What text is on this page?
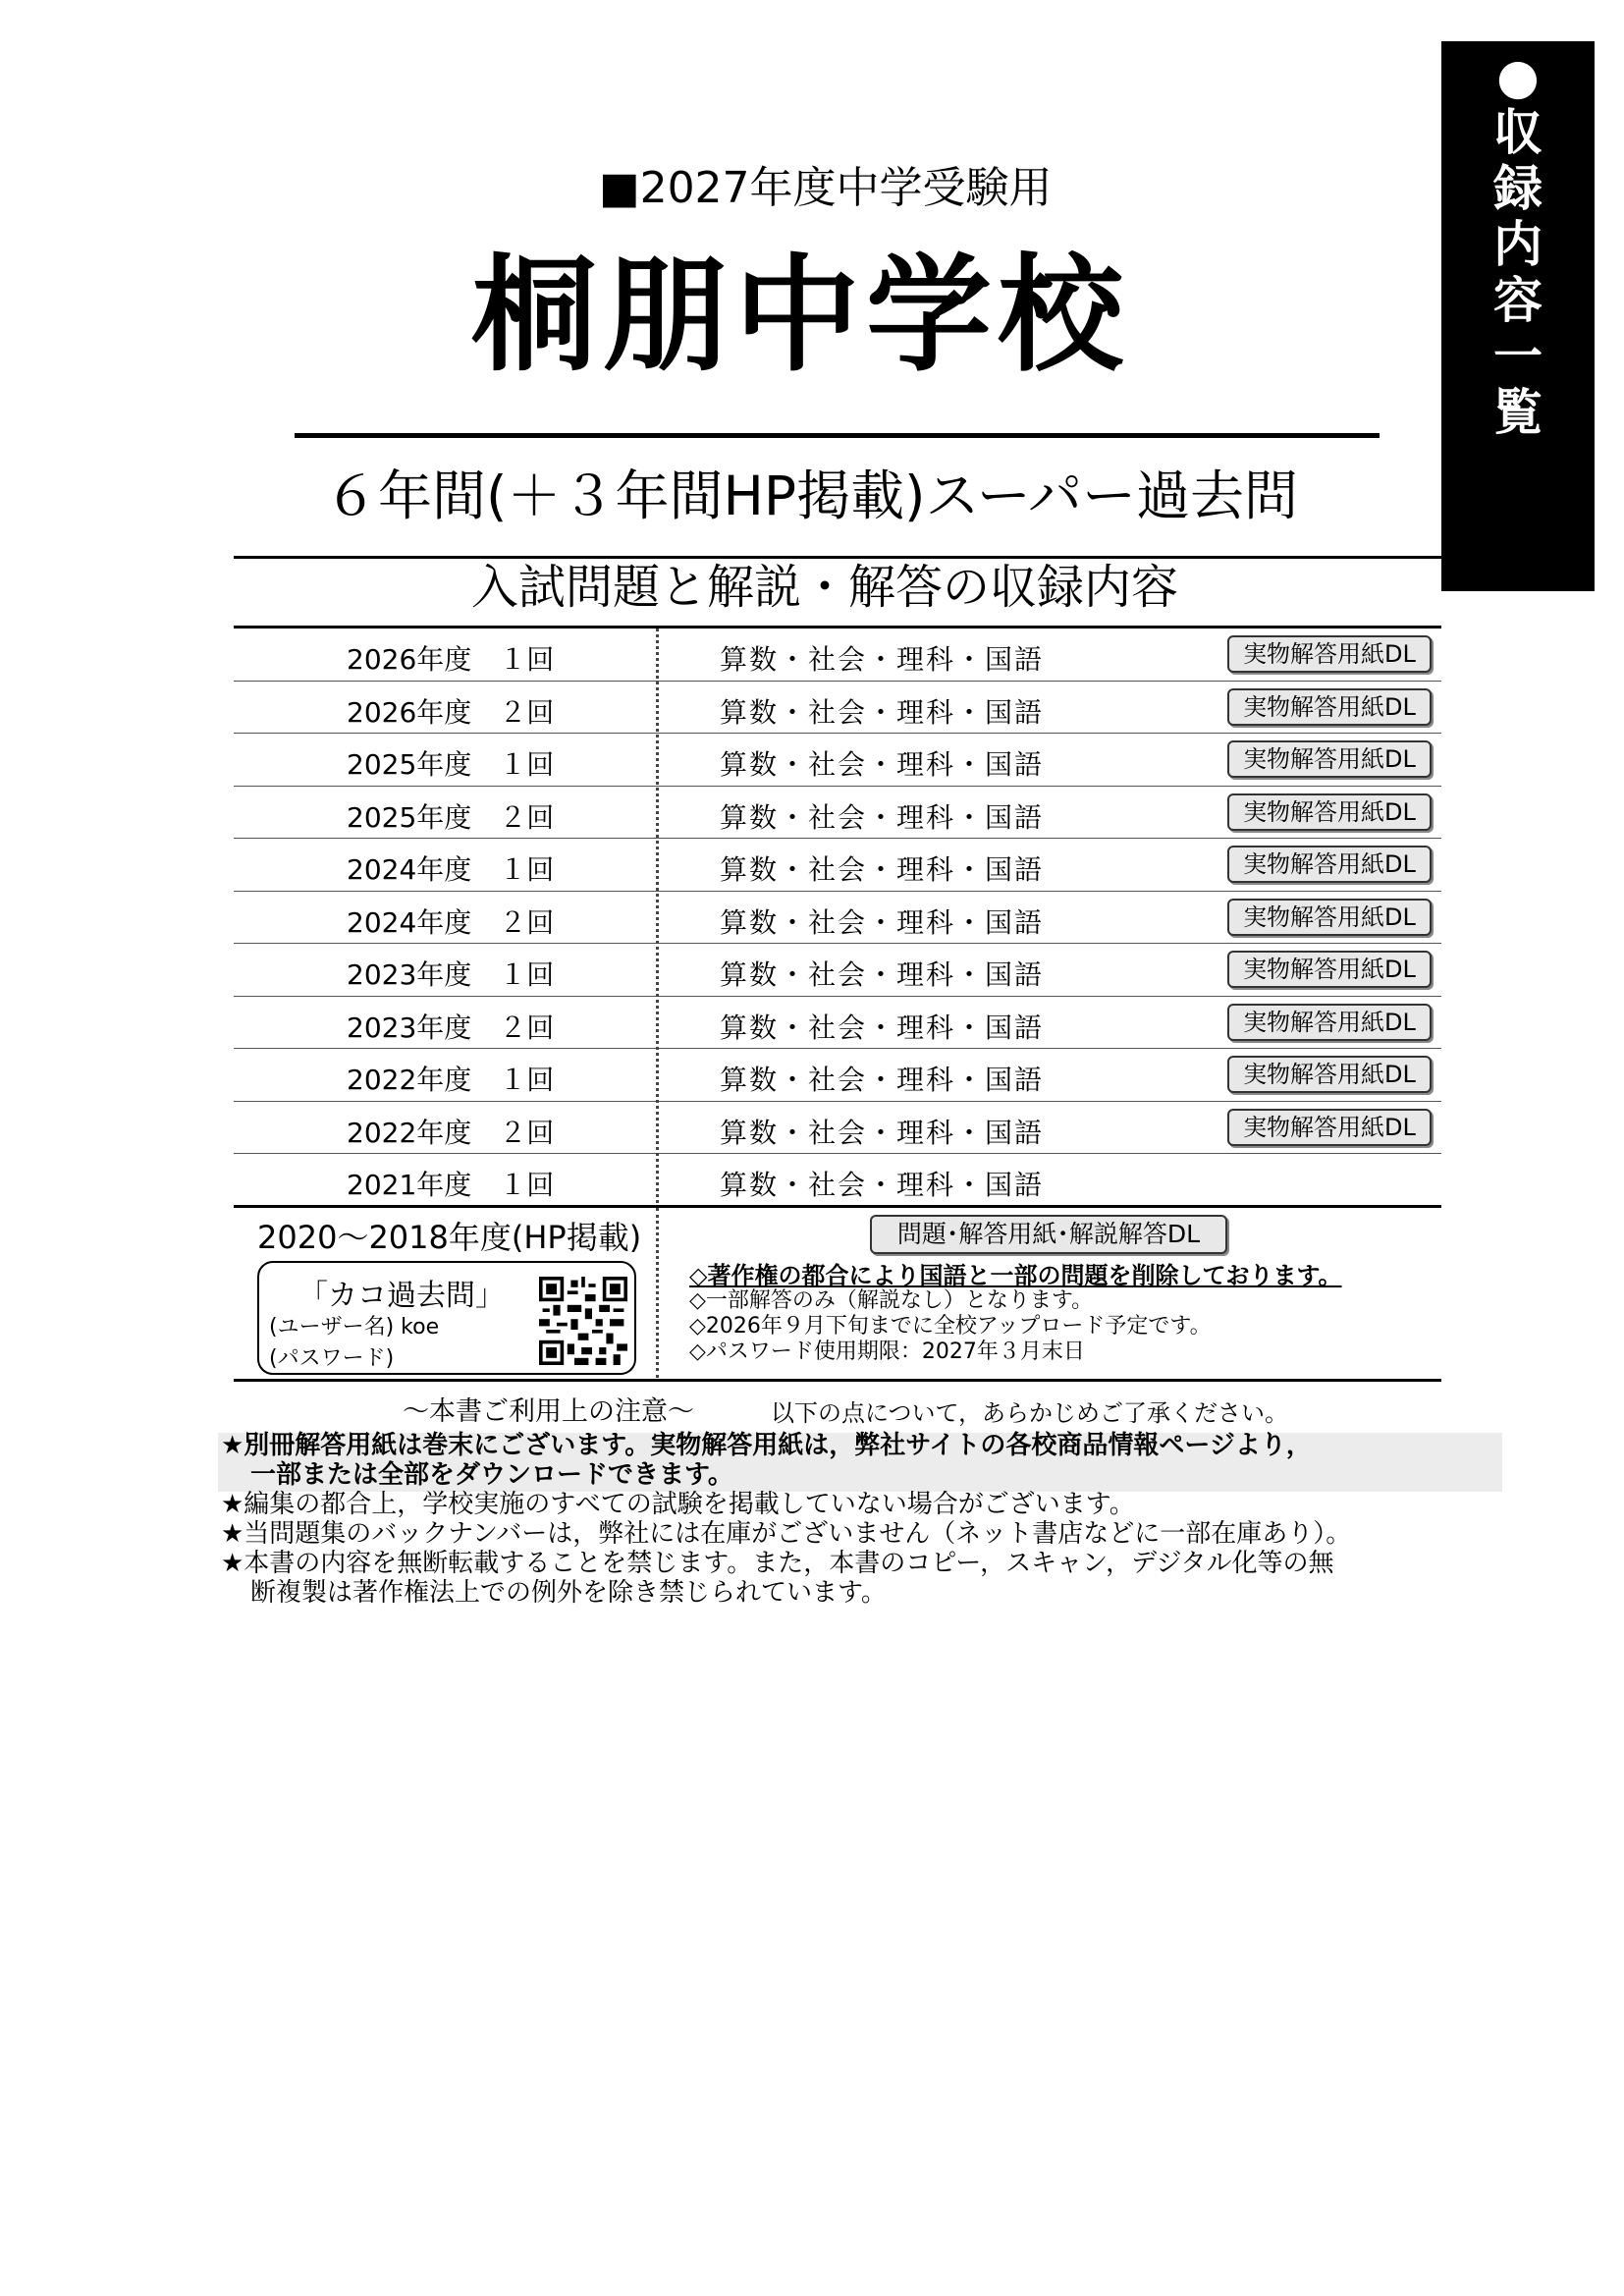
●
収
録
内
容
一
覧
■2027年度中学受験用
桐朋中学校
６年間(＋３年間HP掲載)スーパー過去問
入試問題と解説・解答の収録内容
2026年度　１回	算数・社会・理科・国語	実物解答用紙DL
2026年度　２回	算数・社会・理科・国語	実物解答用紙DL
2025年度　１回	算数・社会・理科・国語	実物解答用紙DL
2025年度　２回	算数・社会・理科・国語	実物解答用紙DL
2024年度　１回	算数・社会・理科・国語	実物解答用紙DL
2024年度　２回	算数・社会・理科・国語	実物解答用紙DL
2023年度　１回	算数・社会・理科・国語	実物解答用紙DL
2023年度　２回	算数・社会・理科・国語	実物解答用紙DL
2022年度　１回	算数・社会・理科・国語	実物解答用紙DL
2022年度　２回	算数・社会・理科・国語	実物解答用紙DL
2021年度　１回	算数・社会・理科・国語
2020～2018年度(HP掲載)	問題･解答用紙･解説解答DL
「カコ過去問」
(ユーザー名) koe
(パスワード)
◇著作権の都合により国語と一部の問題を削除しております。
◇一部解答のみ（解説なし）となります。
◇2026年９月下旬までに全校アップロード予定です。
◇パスワード使用期限：2027年３月末日
～本書ご利用上の注意～	以下の点について，あらかじめご了承ください。
★別冊解答用紙は巻末にございます。実物解答用紙は，弊社サイトの各校商品情報ページより，
一部または全部をダウンロードできます。
★編集の都合上，学校実施のすべての試験を掲載していない場合がございます。
★当問題集のバックナンバーは，弊社には在庫がございません（ネット書店などに一部在庫あり）。
★本書の内容を無断転載することを禁じます。また，本書のコピー，スキャン，デジタル化等の無
断複製は著作権法上での例外を除き禁じられています。
